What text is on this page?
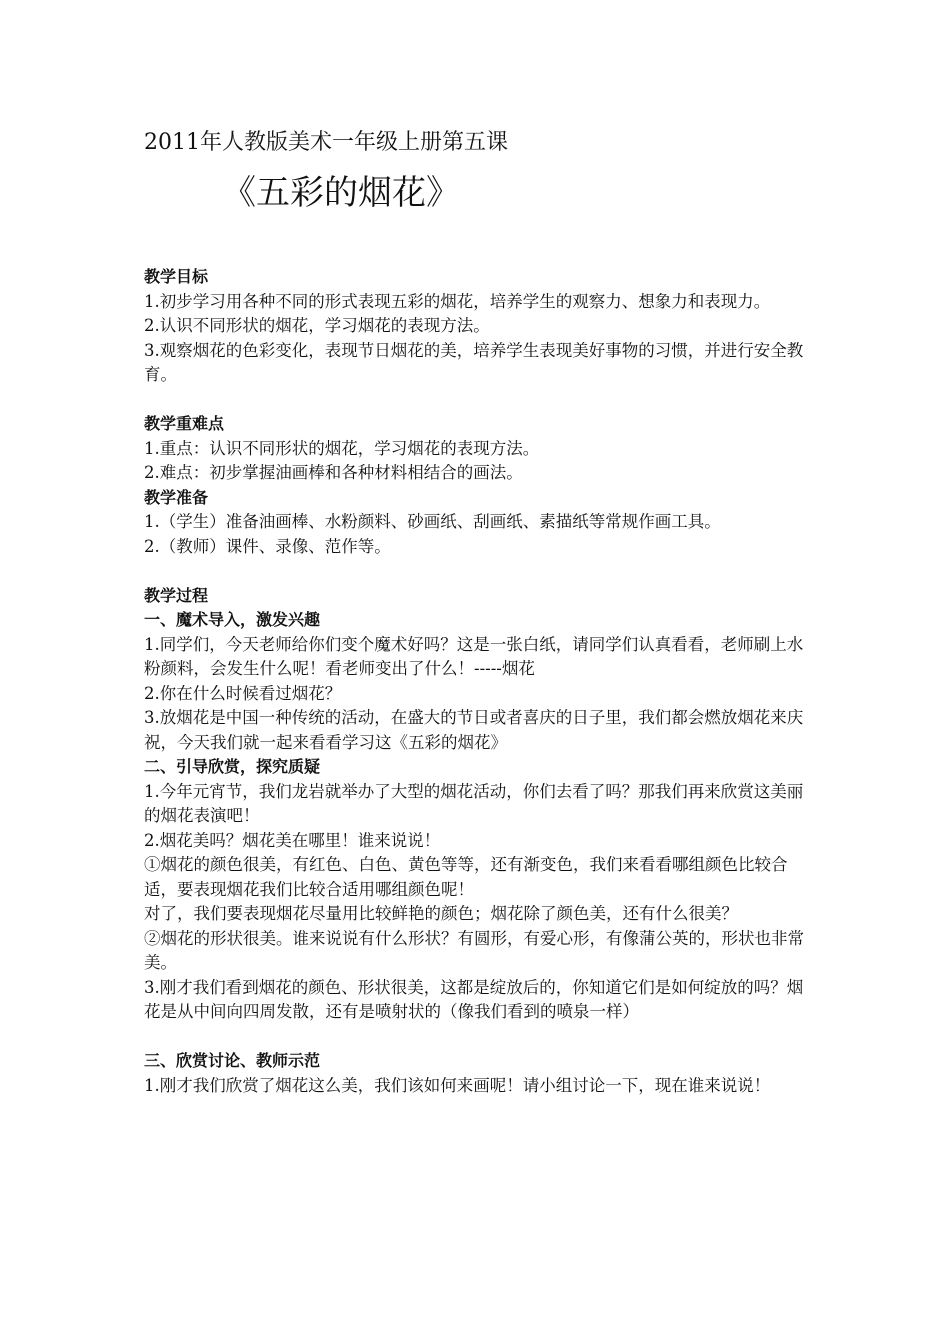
2011年人教版美术一年级上册第五课
《五彩的烟花》

教学目标

1.初步学习用各种不同的形式表现五彩的烟花，培养学生的观察力、想象力和表现力。

2.认识不同形状的烟花，学习烟花的表现方法。

3.观察烟花的色彩变化，表现节日烟花的美，培养学生表现美好事物的习惯，并进行安全教育。

教学重难点

1.重点：认识不同形状的烟花，学习烟花的表现方法。

2.难点：初步掌握油画棒和各种材料相结合的画法。

教学准备

1.（学生）准备油画棒、水粉颜料、砂画纸、刮画纸、素描纸等常规作画工具。

2.（教师）课件、录像、范作等。

教学过程

一、魔术导入，激发兴趣

1.同学们，今天老师给你们变个魔术好吗？这是一张白纸，请同学们认真看看，老师刷上水粉颜料，会发生什么呢！看老师变出了什么！-----烟花

2.你在什么时候看过烟花？

3.放烟花是中国一种传统的活动，在盛大的节日或者喜庆的日子里，我们都会燃放烟花来庆祝，今天我们就一起来看看学习这《五彩的烟花》

二、引导欣赏，探究质疑

1.今年元宵节，我们龙岩就举办了大型的烟花活动，你们去看了吗？那我们再来欣赏这美丽的烟花表演吧！

2.烟花美吗？烟花美在哪里！谁来说说！

①烟花的颜色很美，有红色、白色、黄色等等，还有渐变色，我们来看看哪组颜色比较合适，要表现烟花我们比较合适用哪组颜色呢！

对了，我们要表现烟花尽量用比较鲜艳的颜色；烟花除了颜色美，还有什么很美？

②烟花的形状很美。谁来说说有什么形状？有圆形，有爱心形，有像蒲公英的，形状也非常美。

3.刚才我们看到烟花的颜色、形状很美，这都是绽放后的，你知道它们是如何绽放的吗？烟花是从中间向四周发散，还有是喷射状的（像我们看到的喷泉一样）

三、欣赏讨论、教师示范

1.刚才我们欣赏了烟花这么美，我们该如何来画呢！请小组讨论一下，现在谁来说说！
